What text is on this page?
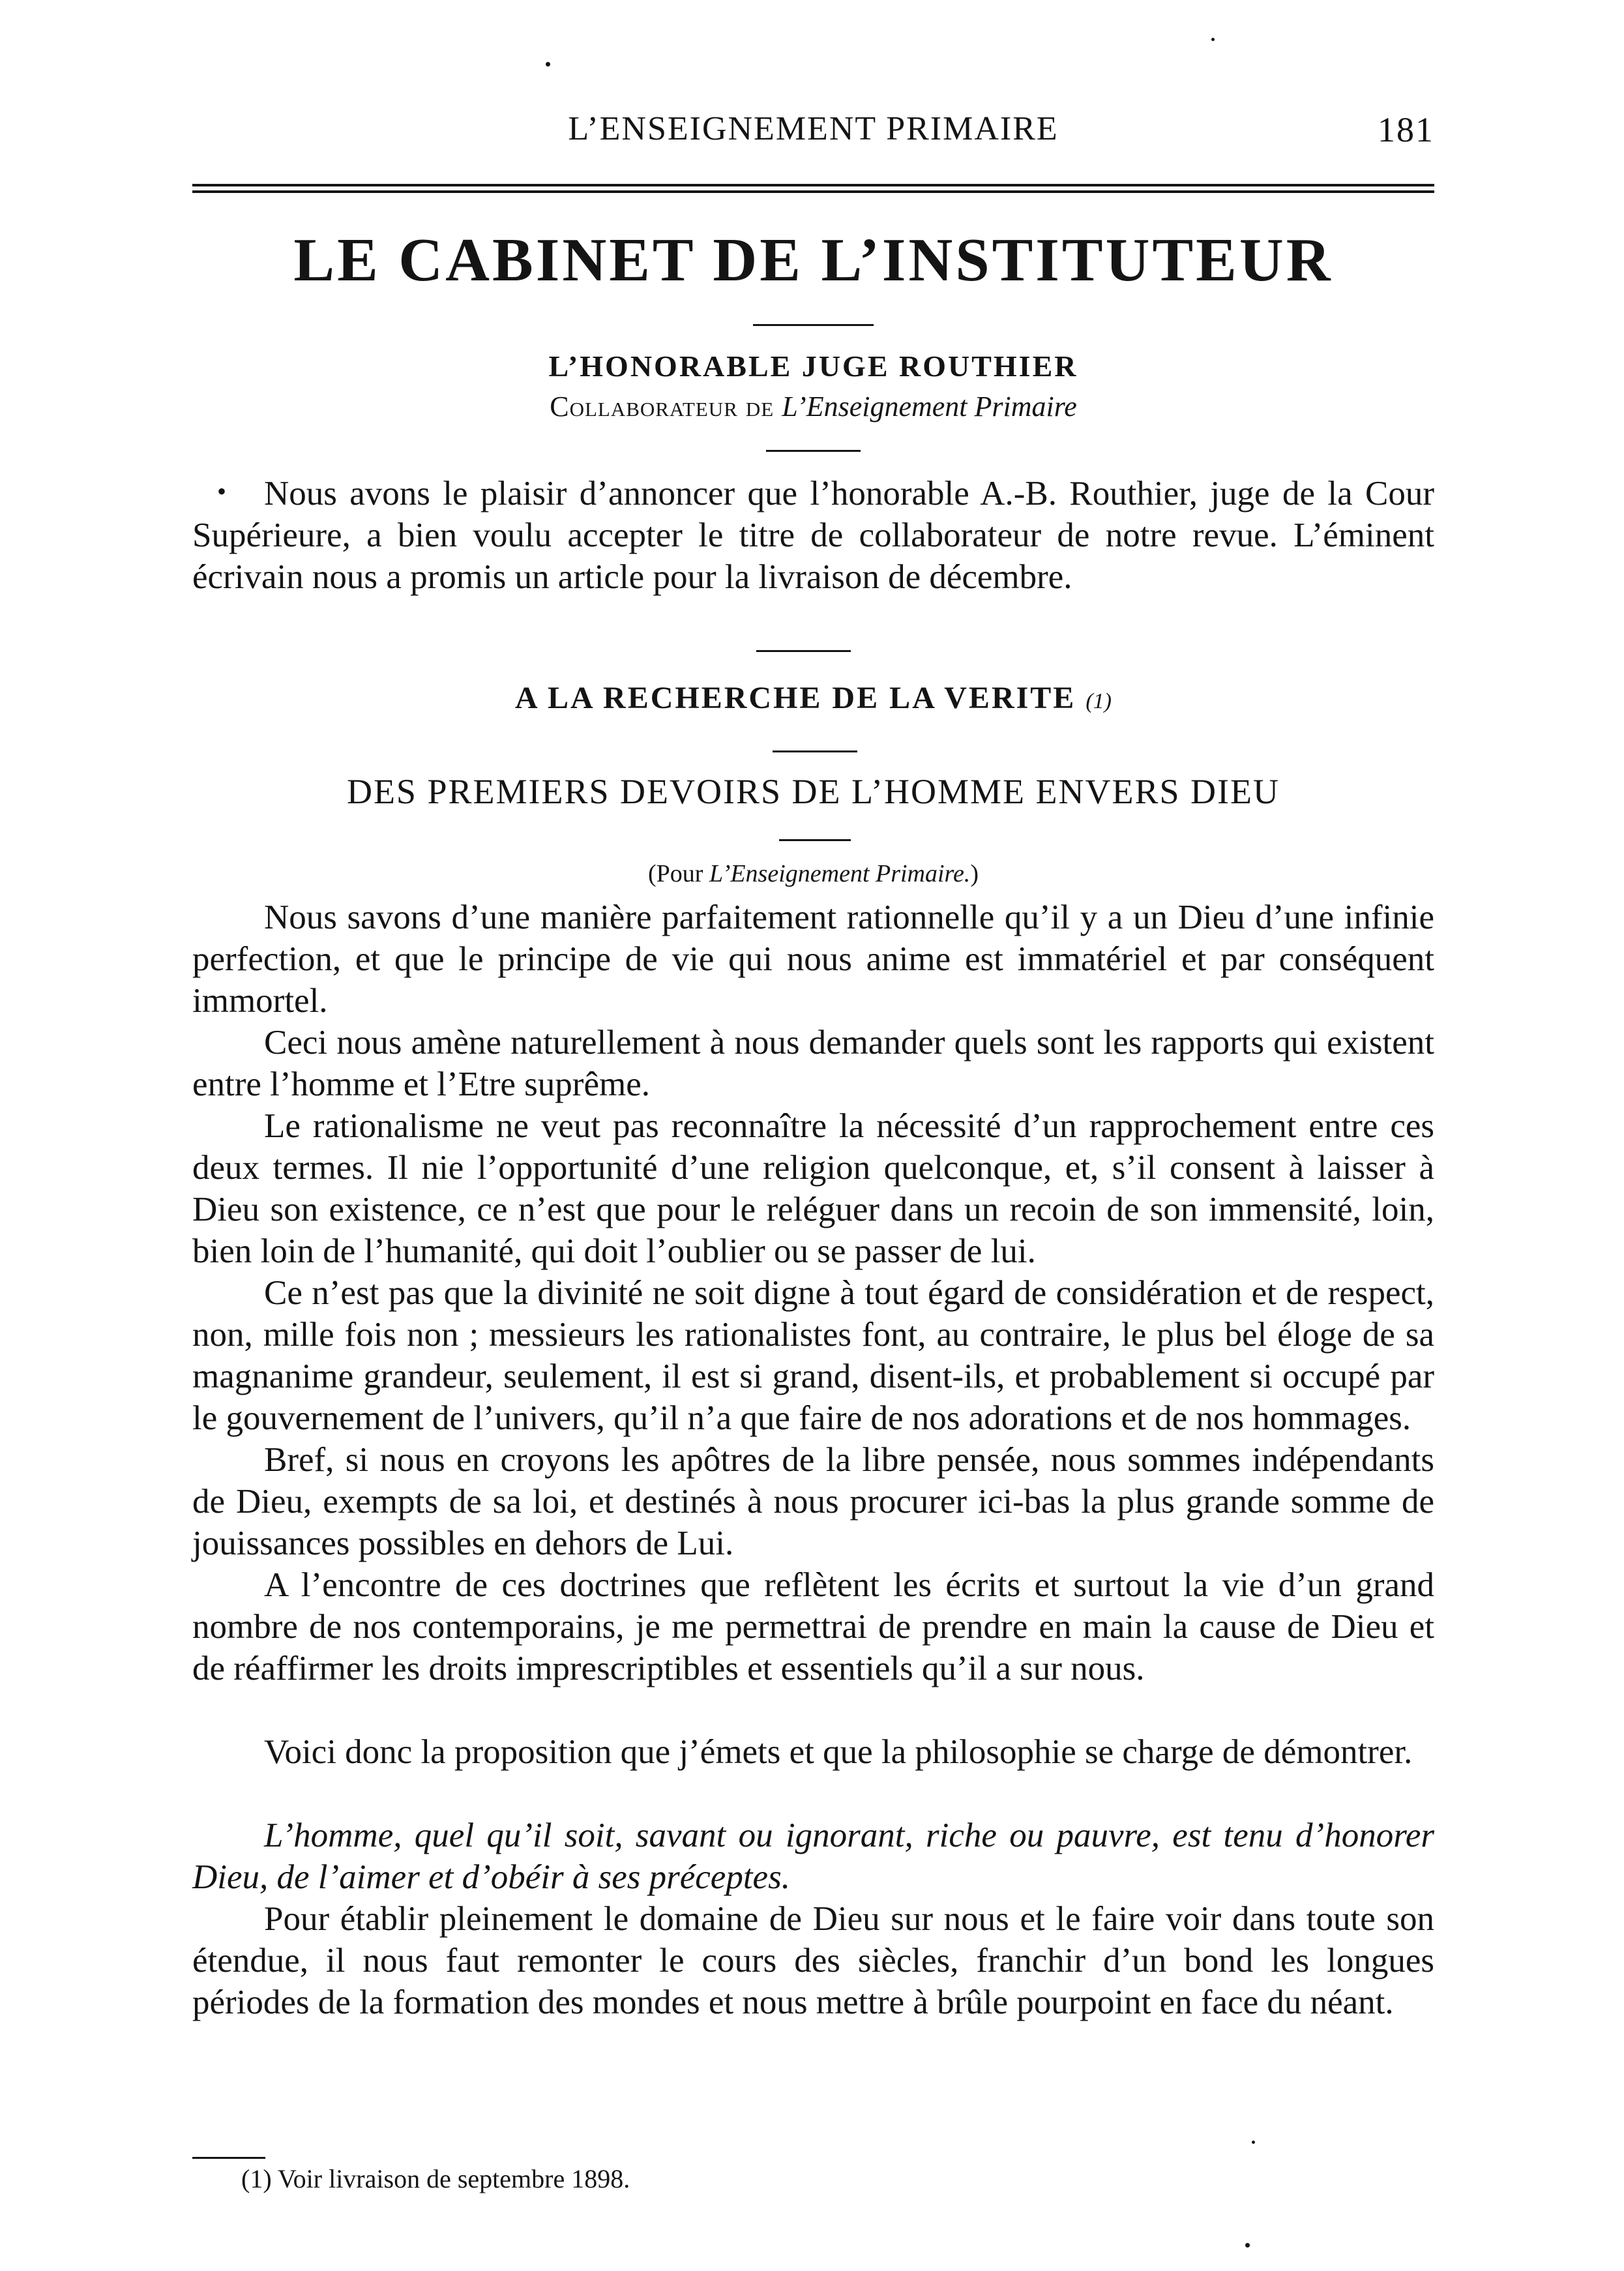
L’ENSEIGNEMENT PRIMAIRE	181
LE CABINET DE L’INSTITUTEUR
L’HONORABLE JUGE ROUTHIER
Collaborateur de L’Enseignement Primaire
•	Nous avons le plaisir d’annoncer que l’honorable A.-B. Routhier, juge de la Cour Supérieure, a bien voulu accepter le titre de collaborateur de notre revue. L’éminent écrivain nous a promis un article pour la livraison de décembre.
A LA RECHERCHE DE LA VERITE (1)
DES PREMIERS DEVOIRS DE L’HOMME ENVERS DIEU
(Pour L’Enseignement Primaire.)
Nous savons d’une manière parfaitement rationnelle qu’il y a un Dieu d’une infinie perfection, et que le principe de vie qui nous anime est immatériel et par conséquent immortel.
Ceci nous amène naturellement à nous demander quels sont les rapports qui existent entre l’homme et l’Etre suprême.
Le rationalisme ne veut pas reconnaître la nécessité d’un rapprochement entre ces deux termes. Il nie l’opportunité d’une religion quelconque, et, s’il consent à laisser à Dieu son existence, ce n’est que pour le reléguer dans un recoin de son immensité, loin, bien loin de l’humanité, qui doit l’oublier ou se passer de lui.
Ce n’est pas que la divinité ne soit digne à tout égard de considération et de respect, non, mille fois non ; messieurs les rationalistes font, au contraire, le plus bel éloge de sa magnanime grandeur, seulement, il est si grand, disent-ils, et probablement si occupé par le gouvernement de l’univers, qu’il n’a que faire de nos adorations et de nos hommages.
Bref, si nous en croyons les apôtres de la libre pensée, nous sommes indépendants de Dieu, exempts de sa loi, et destinés à nous procurer ici-bas la plus grande somme de jouissances possibles en dehors de Lui.
A l’encontre de ces doctrines que reflètent les écrits et surtout la vie d’un grand nombre de nos contemporains, je me permettrai de prendre en main la cause de Dieu et de réaffirmer les droits imprescriptibles et essentiels qu’il a sur nous.
Voici donc la proposition que j’émets et que la philosophie se charge de démontrer.
L’homme, quel qu’il soit, savant ou ignorant, riche ou pauvre, est tenu d’honorer Dieu, de l’aimer et d’obéir à ses préceptes.
Pour établir pleinement le domaine de Dieu sur nous et le faire voir dans toute son étendue, il nous faut remonter le cours des siècles, franchir d’un bond les longues périodes de la formation des mondes et nous mettre à brûle pourpoint en face du néant.
(1) Voir livraison de septembre 1898.
